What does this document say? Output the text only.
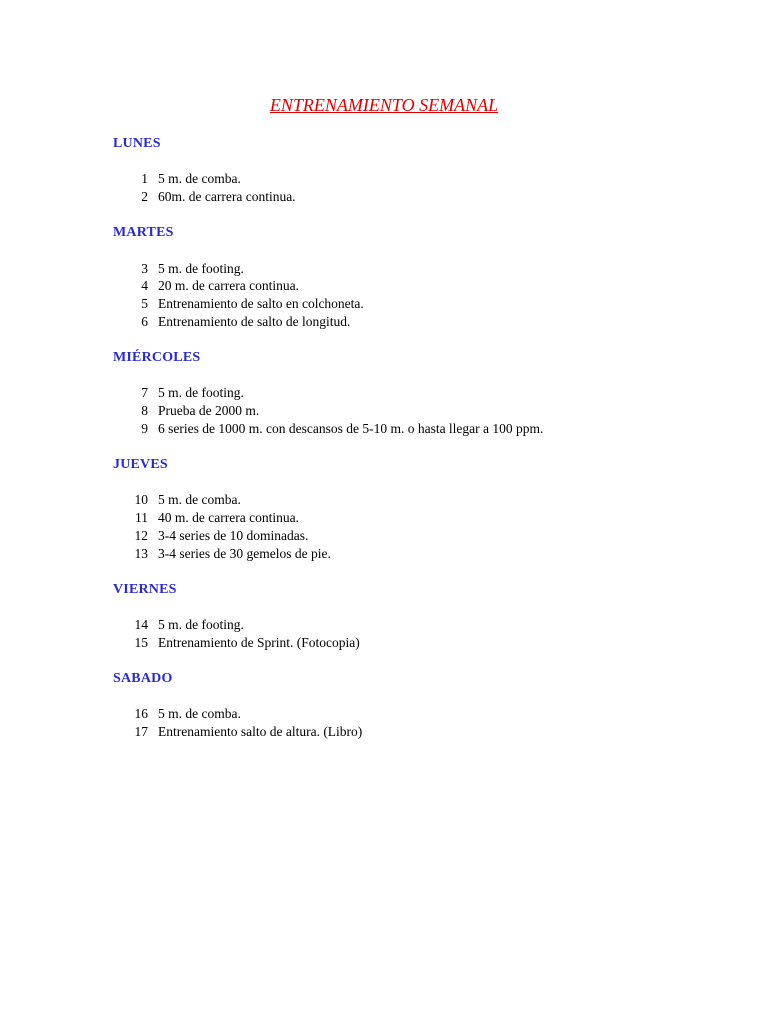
ENTRENAMIENTO SEMANAL
LUNES
1 5 m. de comba.
2 60m. de carrera continua.
MARTES
3 5 m. de footing.
4 20 m. de carrera continua.
5 Entrenamiento de salto en colchoneta.
6 Entrenamiento de salto de longitud.
MIÉRCOLES
7 5 m. de footing.
8 Prueba de 2000 m.
9 6 series de 1000 m. con descansos de 5-10 m. o hasta llegar a 100 ppm.
JUEVES
10 5 m. de comba.
11 40 m. de carrera continua.
12 3-4 series de 10 dominadas.
13 3-4 series de 30 gemelos de pie.
VIERNES
14 5 m. de footing.
15 Entrenamiento de Sprint. (Fotocopia)
SABADO
16 5 m. de comba.
17 Entrenamiento salto de altura. (Libro)
